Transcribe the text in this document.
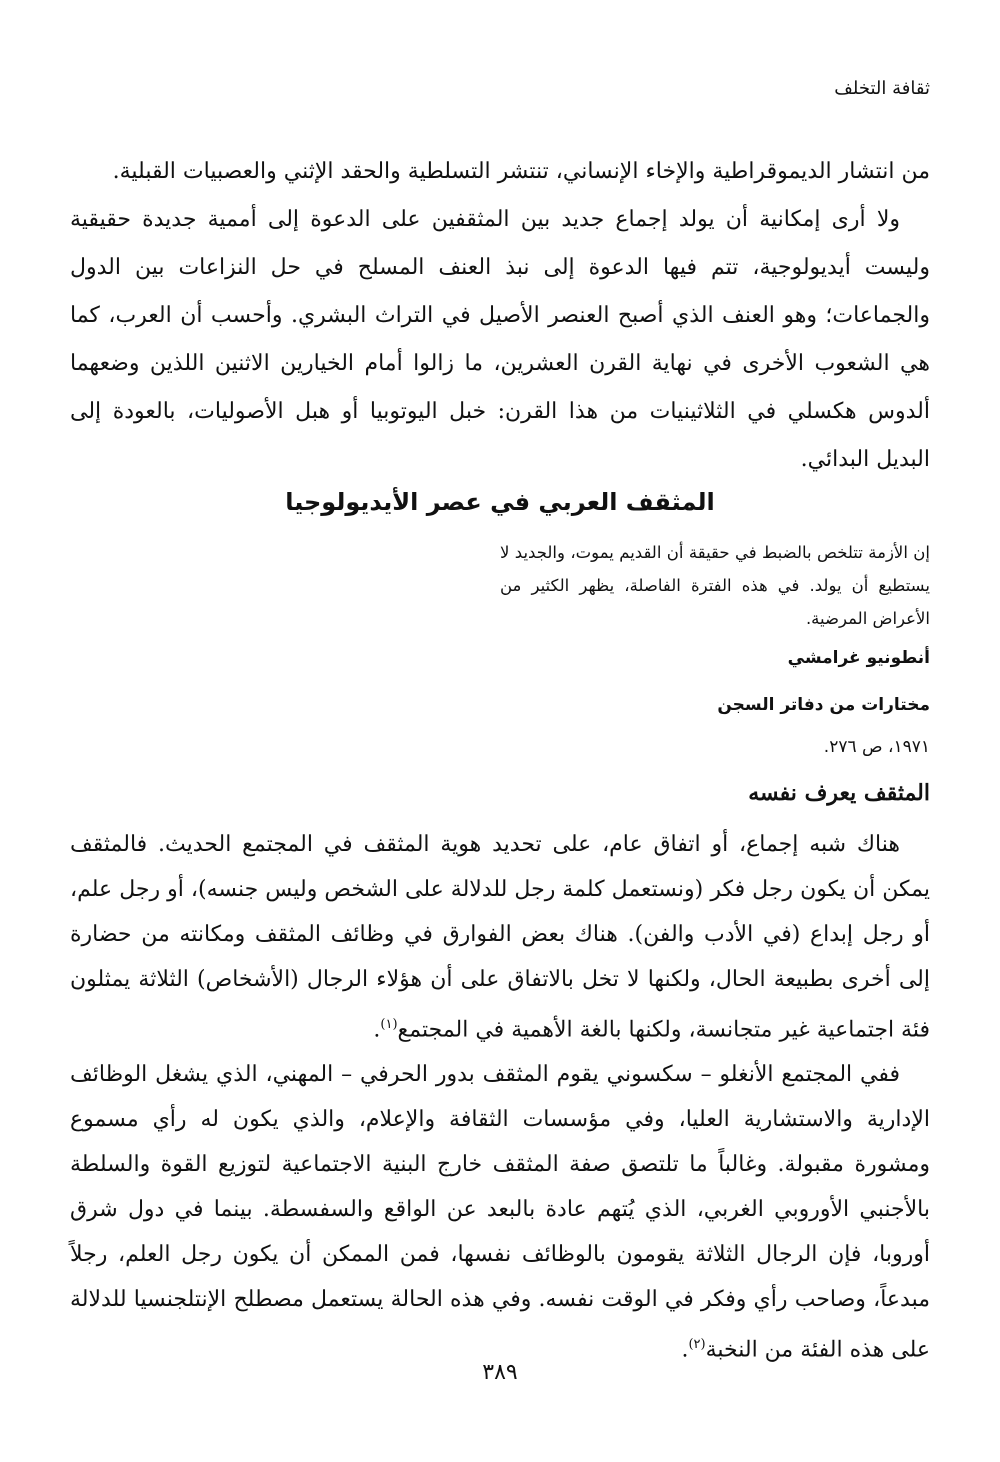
ثقافة التخلف

من انتشار الديموقراطية والإخاء الإنساني، تنتشر التسلطية والحقد الإثني والعصبيات القبلية.

ولا أرى إمكانية أن يولد إجماع جديد بين المثقفين على الدعوة إلى أممية جديدة حقيقية وليست أيديولوجية، تتم فيها الدعوة إلى نبذ العنف المسلح في حل النزاعات بين الدول والجماعات؛ وهو العنف الذي أصبح العنصر الأصيل في التراث البشري. وأحسب أن العرب، كما هي الشعوب الأخرى في نهاية القرن العشرين، ما زالوا أمام الخيارين الاثنين اللذين وضعهما ألدوس هكسلي في الثلاثينيات من هذا القرن: خبل اليوتوبيا أو هبل الأصوليات، بالعودة إلى البديل البدائي.

المثقف العربي في عصر الأيديولوجيا
إن الأزمة تتلخص بالضبط في حقيقة أن القديم يموت، والجديد لا يستطيع أن يولد. في هذه الفترة الفاصلة، يظهر الكثير من الأعراض المرضية.
أنطونيو غرامشي
مختارات من دفاتر السجن
١٩٧١، ص ٢٧٦.
المثقف يعرف نفسه

هناك شبه إجماع، أو اتفاق عام، على تحديد هوية المثقف في المجتمع الحديث. فالمثقف يمكن أن يكون رجل فكر (ونستعمل كلمة رجل للدلالة على الشخص وليس جنسه)، أو رجل علم، أو رجل إبداع (في الأدب والفن). هناك بعض الفوارق في وظائف المثقف ومكانته من حضارة إلى أخرى بطبيعة الحال، ولكنها لا تخل بالاتفاق على أن هؤلاء الرجال (الأشخاص) الثلاثة يمثلون فئة اجتماعية غير متجانسة، ولكنها بالغة الأهمية في المجتمع$^{(١)}$.

ففي المجتمع الأنغلو – سكسوني يقوم المثقف بدور الحرفي – المهني، الذي يشغل الوظائف الإدارية والاستشارية العليا، وفي مؤسسات الثقافة والإعلام، والذي يكون له رأي مسموع ومشورة مقبولة. وغالباً ما تلتصق صفة المثقف خارج البنية الاجتماعية لتوزيع القوة والسلطة بالأجنبي الأوروبي الغربي، الذي يُتهم عادة بالبعد عن الواقع والسفسطة. بينما في دول شرق أوروبا، فإن الرجال الثلاثة يقومون بالوظائف نفسها، فمن الممكن أن يكون رجل العلم، رجلاً مبدعاً، وصاحب رأي وفكر في الوقت نفسه. وفي هذه الحالة يستعمل مصطلح الإنتلجنسيا للدلالة على هذه الفئة من النخبة$^{(٢)}$.

٣٨٩
